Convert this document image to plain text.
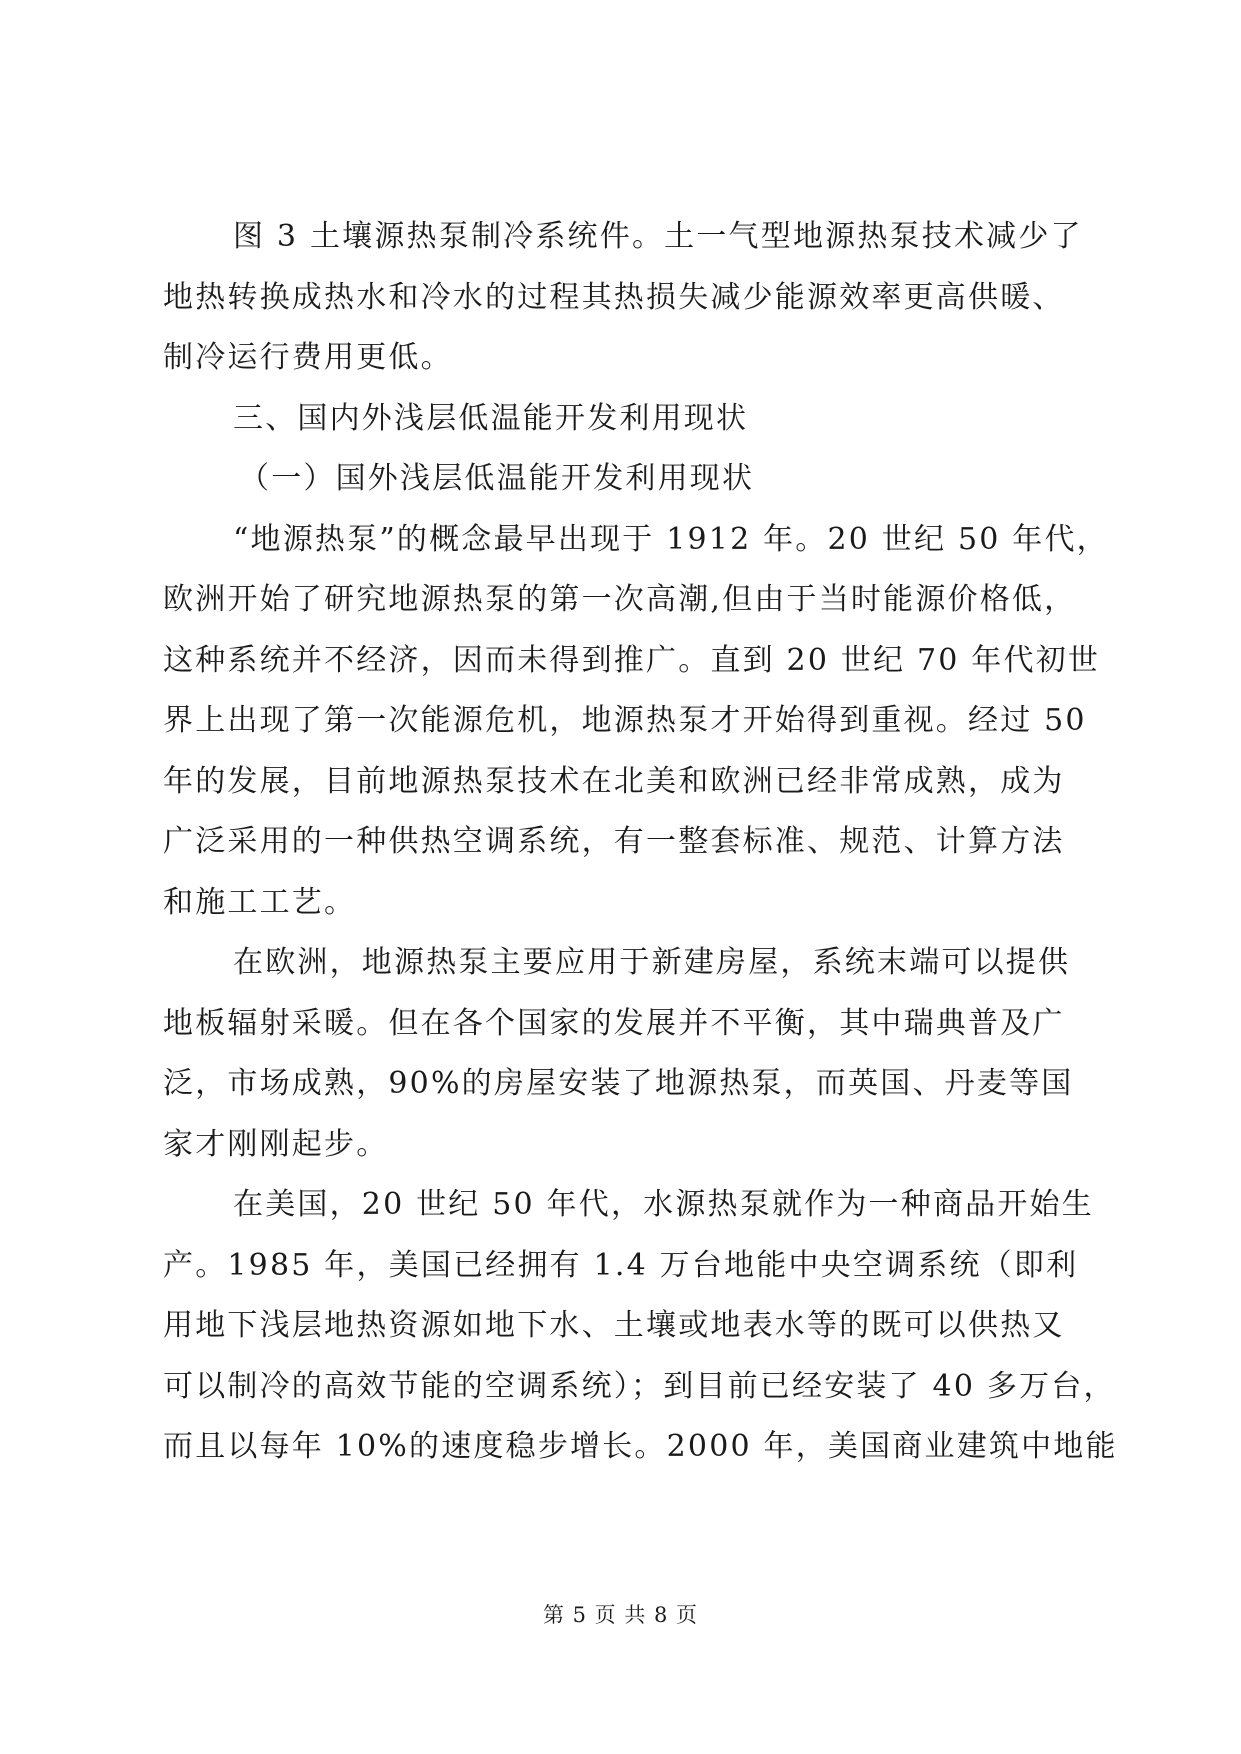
图 3 土壤源热泵制冷系统件。土一气型地源热泵技术减少了
地热转换成热水和冷水的过程其热损失减少能源效率更高供暖、
制冷运行费用更低。
三、国内外浅层低温能开发利用现状
（一）国外浅层低温能开发利用现状
“地源热泵”的概念最早出现于 1912 年。20 世纪 50 年代，
欧洲开始了研究地源热泵的第一次高潮,但由于当时能源价格低，
这种系统并不经济，因而未得到推广。直到 20 世纪 70 年代初世
界上出现了第一次能源危机，地源热泵才开始得到重视。经过 50
年的发展，目前地源热泵技术在北美和欧洲已经非常成熟，成为
广泛采用的一种供热空调系统，有一整套标准、规范、计算方法
和施工工艺。
在欧洲，地源热泵主要应用于新建房屋，系统末端可以提供
地板辐射采暖。但在各个国家的发展并不平衡，其中瑞典普及广
泛，市场成熟，90%的房屋安装了地源热泵，而英国、丹麦等国
家才刚刚起步。
在美国，20 世纪 50 年代，水源热泵就作为一种商品开始生
产。1985 年，美国已经拥有 1.4 万台地能中央空调系统（即利
用地下浅层地热资源如地下水、土壤或地表水等的既可以供热又
可以制冷的高效节能的空调系统）；到目前已经安装了 40 多万台，
而且以每年 10%的速度稳步增长。2000 年，美国商业建筑中地能
第 5 页 共 8 页
